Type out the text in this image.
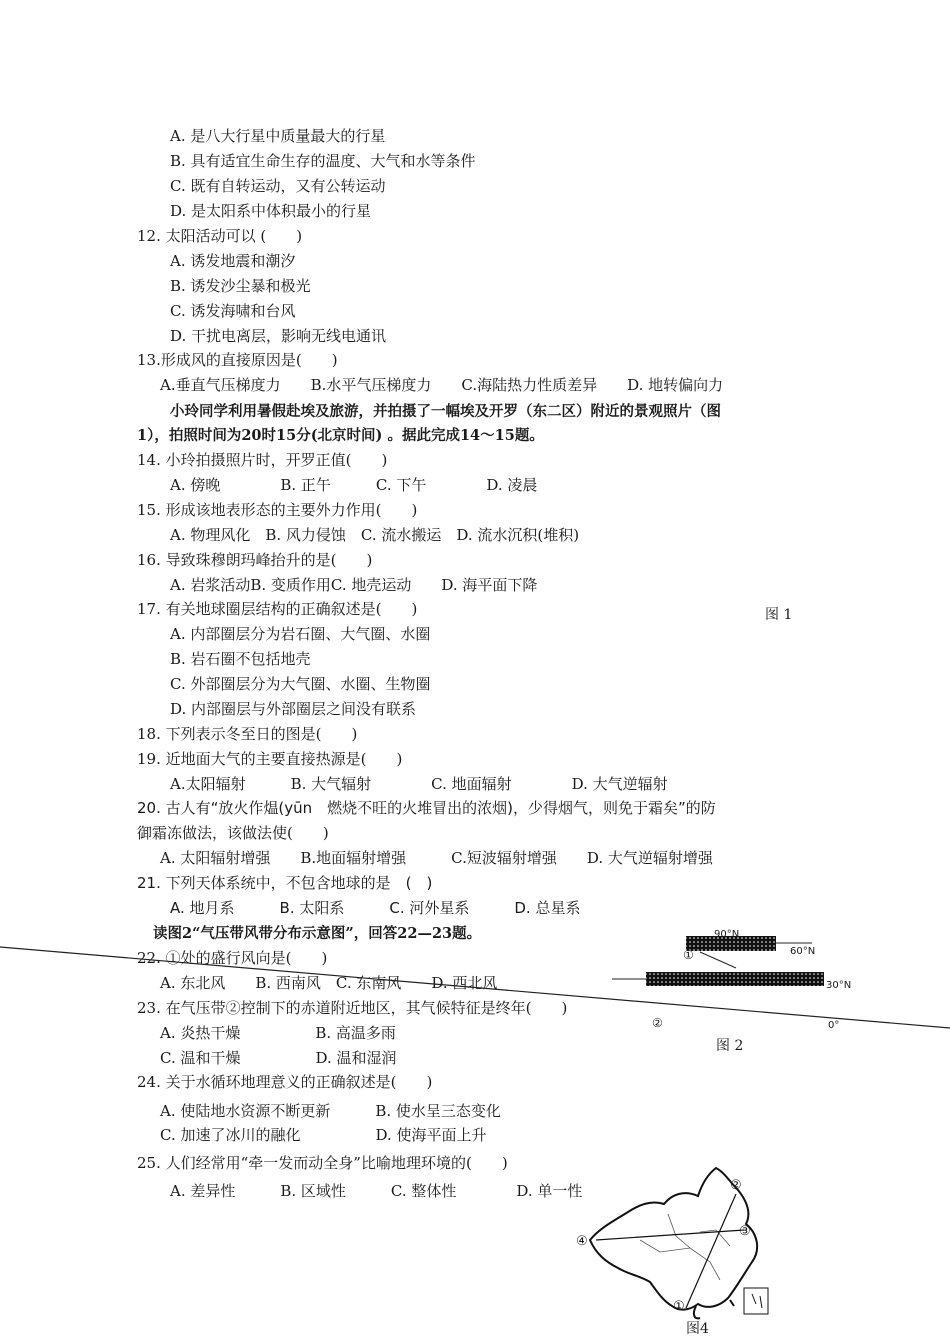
A. 是八大行星中质量最大的行星
B. 具有适宜生命生存的温度、大气和水等条件
C. 既有自转运动，又有公转运动
D. 是太阳系中体积最小的行星
12. 太阳活动可以 (　　)
A. 诱发地震和潮汐
B. 诱发沙尘暴和极光
C. 诱发海啸和台风
D. 干扰电离层，影响无线电通讯
13.形成风的直接原因是(　　)
A.垂直气压梯度力　　B.水平气压梯度力　　C.海陆热力性质差异　　D. 地转偏向力
小玲同学利用暑假赴埃及旅游，并拍摄了一幅埃及开罗（东二区）附近的景观照片（图
1），拍照时间为20时15分(北京时间) 。据此完成14～15题。
14. 小玲拍摄照片时，开罗正值(　　)
A. 傍晚　　　　B. 正午　　　C. 下午　　　　D. 凌晨
15. 形成该地表形态的主要外力作用(　　)
A. 物理风化　B. 风力侵蚀　C. 流水搬运　D. 流水沉积(堆积)
16. 导致珠穆朗玛峰抬升的是(　　)
A. 岩浆活动B. 变质作用C. 地壳运动　　D. 海平面下降
17. 有关地球圈层结构的正确叙述是(　　)
A. 内部圈层分为岩石圈、大气圈、水圈
B. 岩石圈不包括地壳
C. 外部圈层分为大气圈、水圈、生物圈
D. 内部圈层与外部圈层之间没有联系
18. 下列表示冬至日的图是(　　)
19. 近地面大气的主要直接热源是(　　)
A.太阳辐射　　　B. 大气辐射　　　　C. 地面辐射　　　　D. 大气逆辐射
20. 古人有“放火作煴(yūn　燃烧不旺的火堆冒出的浓烟)，少得烟气，则免于霜矣”的防
御霜冻做法，该做法使(　　)
A. 太阳辐射增强　　B.地面辐射增强　　　C.短波辐射增强　　D. 大气逆辐射增强
21. 下列天体系统中，不包含地球的是　(　)
A. 地月系　　　B. 太阳系　　　C. 河外星系　　　D. 总星系
读图2“气压带风带分布示意图”，回答22—23题。
22. ①处的盛行风向是(　　)
A. 东北风　　B. 西南风　C. 东南风　　D. 西北风
23. 在气压带②控制下的赤道附近地区，其气候特征是终年(　　)
A. 炎热干燥　　　　　B. 高温多雨
C. 温和干燥　　　　　D. 温和湿润
24. 关于水循环地理意义的正确叙述是(　　)
A. 使陆地水资源不断更新　　　B. 使水呈三态变化
C. 加速了冰川的融化　　　　　D. 使海平面上升
25. 人们经常用“牵一发而动全身”比喻地理环境的(　　)
A. 差异性　　　B. 区域性　　　C. 整体性　　　　D. 单一性
图 1
90°N
60°N
30°N
0°
①
②
图 2
②
③
④
①
图4
